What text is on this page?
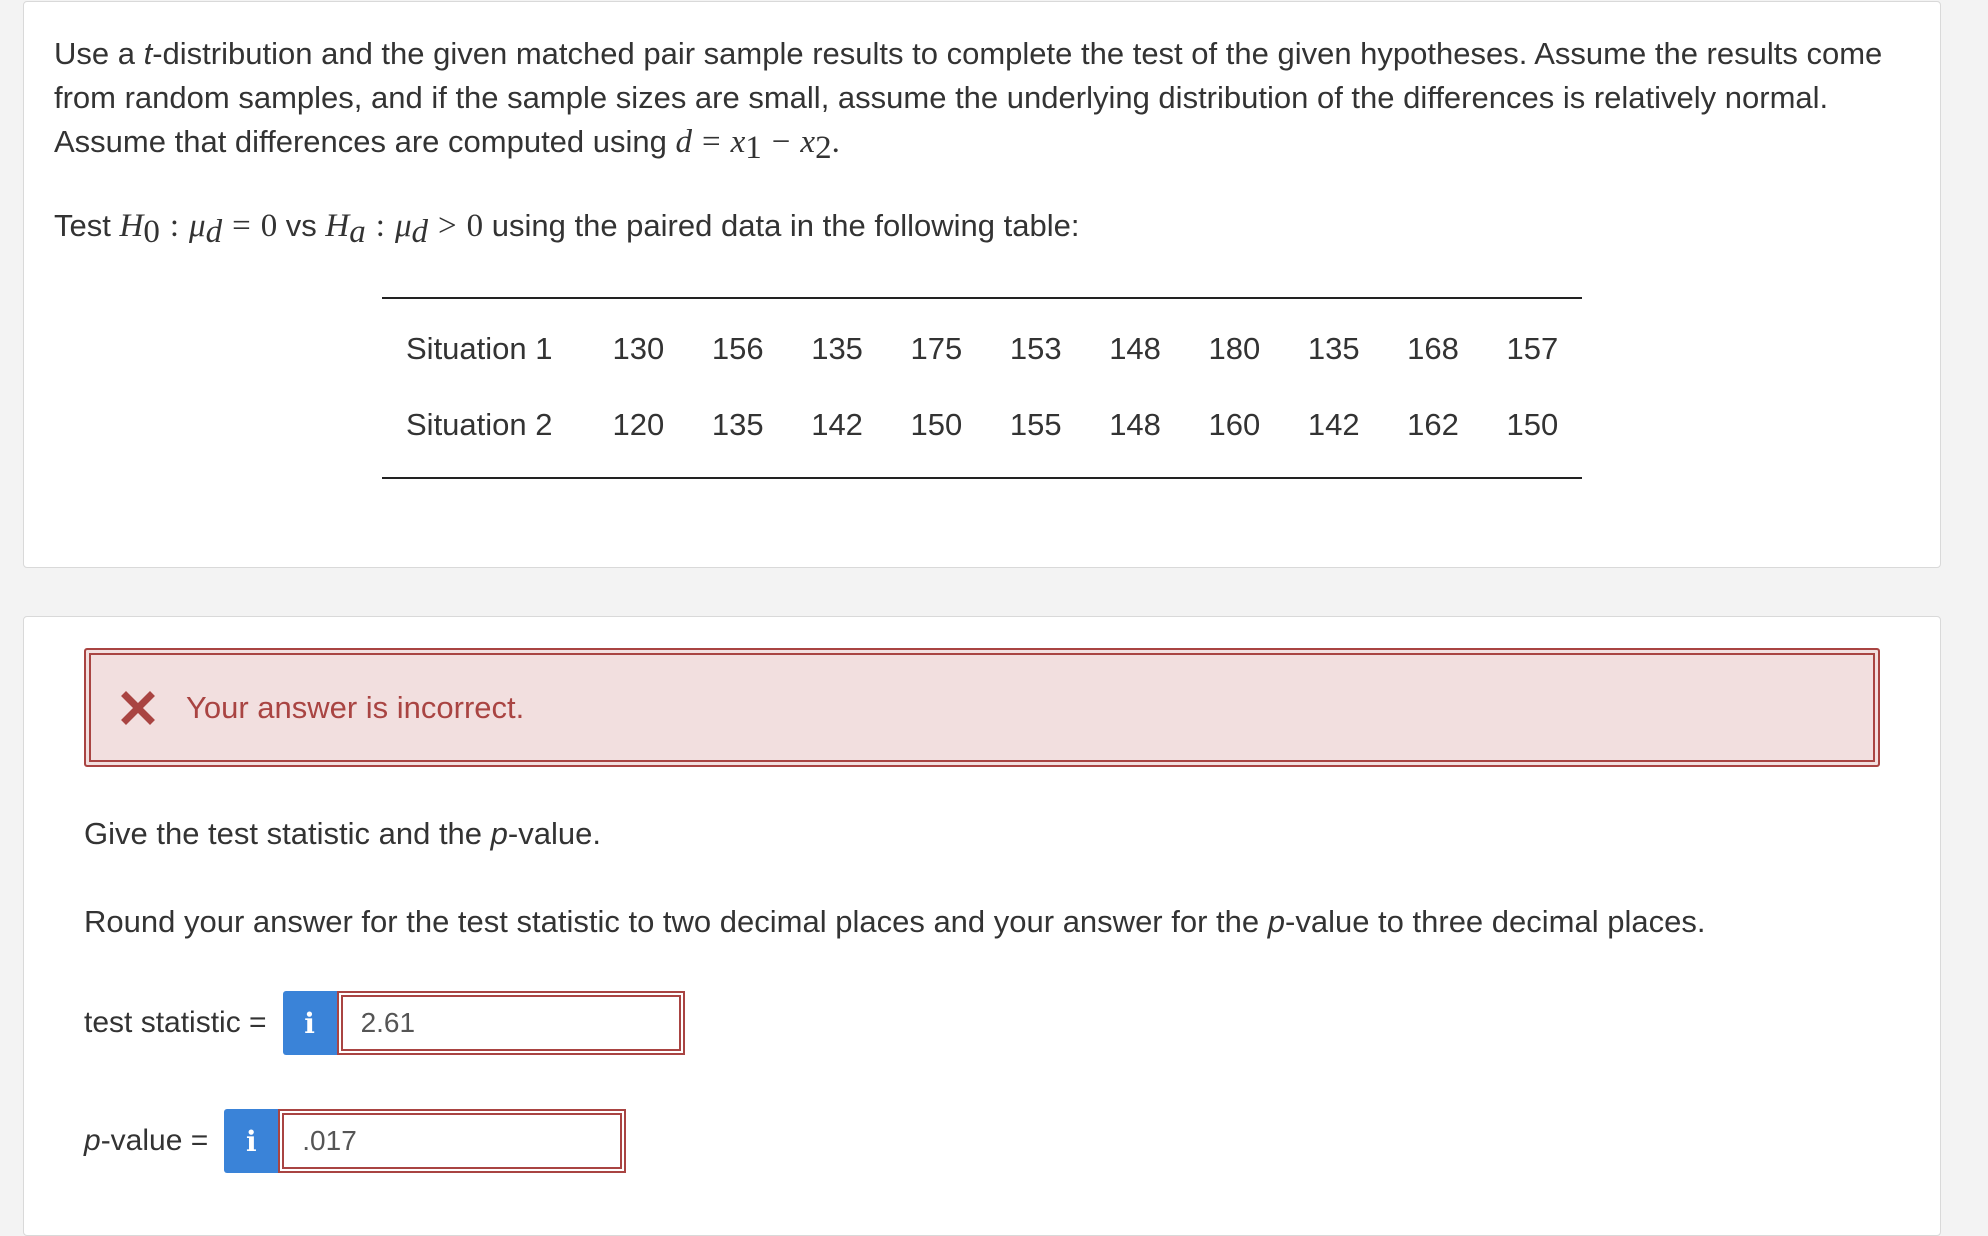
Use a t-distribution and the given matched pair sample results to complete the test of the given hypotheses. Assume the results come from random samples, and if the sample sizes are small, assume the underlying distribution of the differences is relatively normal. Assume that differences are computed using $d = x_1 - x_2$.
Test $H_0$ : $\mu_d = 0$ vs $H_a$ : $\mu_d > 0$ using the paired data in the following table:
Situation 1	130	156	135	175	153	148	180	135	168	157
Situation 2	120	135	142	150	155	148	160	142	162	150
Your answer is incorrect.
Give the test statistic and the p-value.
Round your answer for the test statistic to two decimal places and your answer for the p-value to three decimal places.
test statistic =	i
2.61
p-value =	i
.017
